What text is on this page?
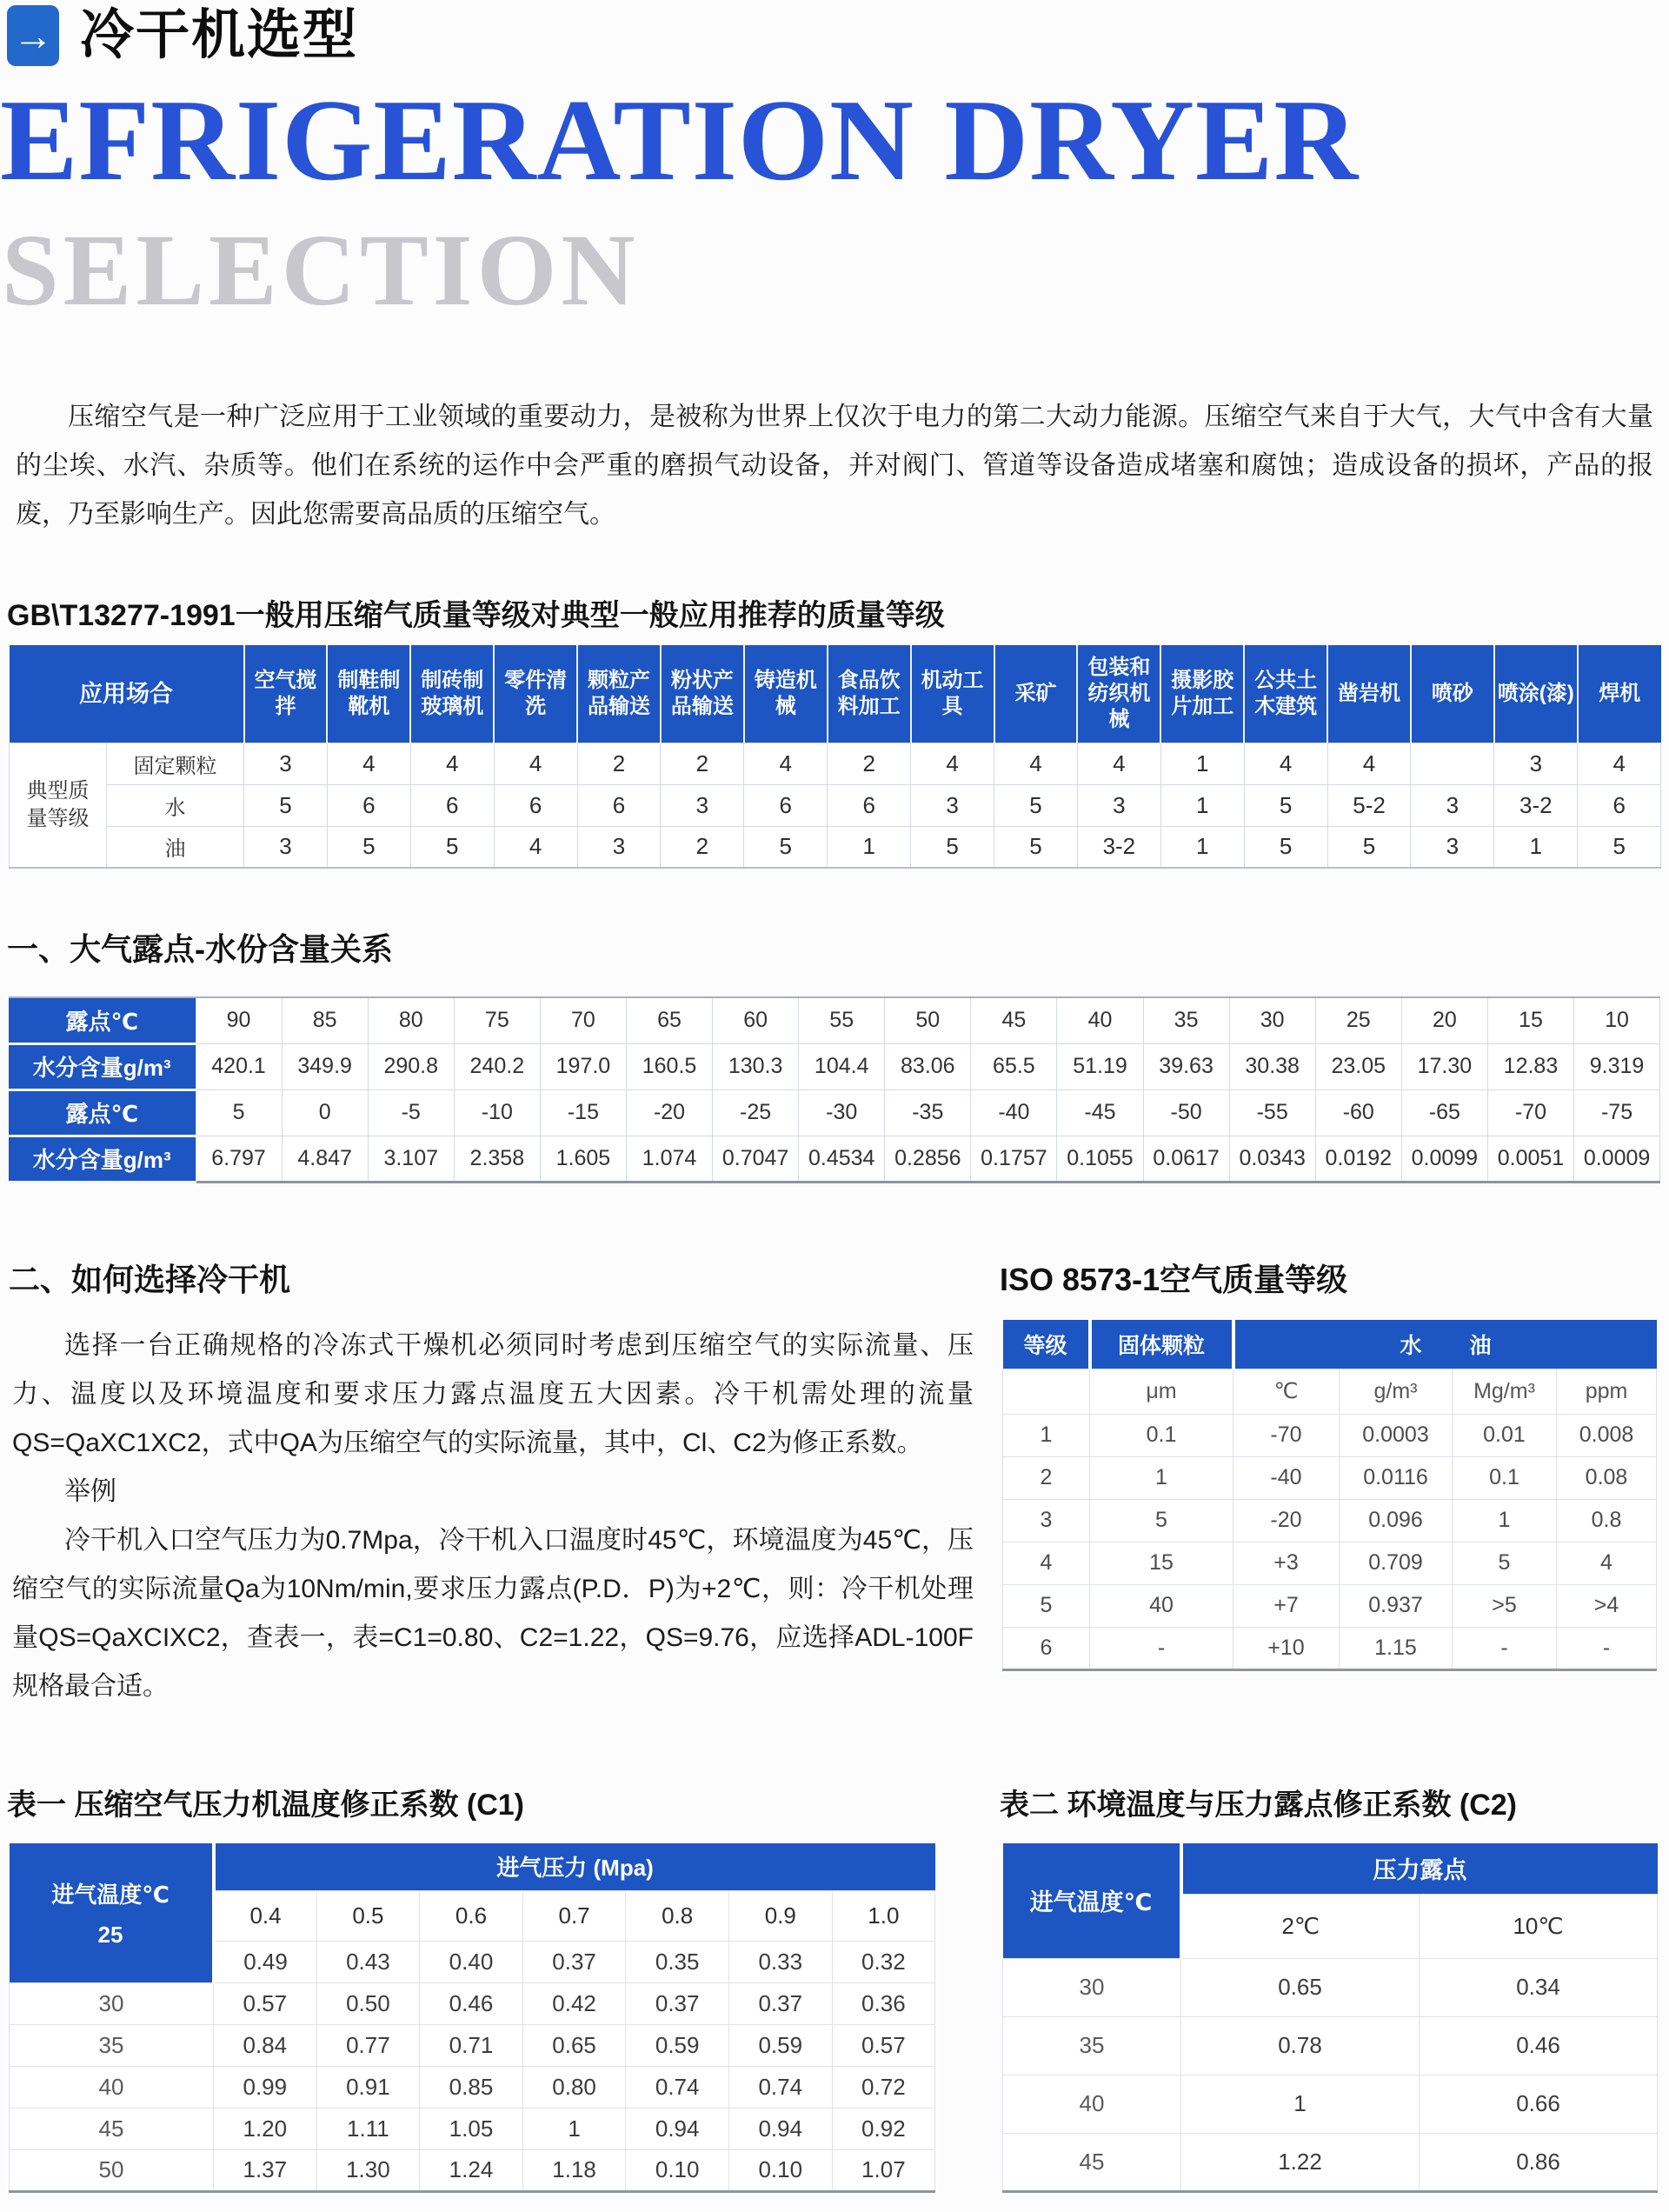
→ 冷干机选型
EFRIGERATION DRYER
SELECTION
压缩空气是一种广泛应用于工业领域的重要动力，是被称为世界上仅次于电力的第二大动力能源。压缩空气来自于大气，大气中含有大量的尘埃、水汽、杂质等。他们在系统的运作中会严重的磨损气动设备，并对阀门、管道等设备造成堵塞和腐蚀；造成设备的损坏，产品的报废，乃至影响生产。因此您需要高品质的压缩空气。
GB\T13277-1991一般用压缩气质量等级对典型一般应用推荐的质量等级
应用场合		空气搅拌	制鞋制靴机	制砖制玻璃机	零件清洗	颗粒产品输送	粉状产品输送	铸造机械	食品饮料加工	机动工具	采矿	包装和纺织机械	摄影胶片加工	公共土木建筑	凿岩机	喷砂	喷涂(漆)	焊机
典型质量等级	固定颗粒	3	4	4	4	2	2	4	2	4	4	4	1	4	4		3	4
	水	5	6	6	6	6	3	6	6	3	5	3	1	5	5-2	3	3-2	6
	油	3	5	5	4	3	2	5	1	5	5	3-2	1	5	5	3	1	5
一、大气露点-水份含量关系
露点℃	90	85	80	75	70	65	60	55	50	45	40	35	30	25	20	15	10
水分含量g/m³	420.1	349.9	290.8	240.2	197.0	160.5	130.3	104.4	83.06	65.5	51.19	39.63	30.38	23.05	17.30	12.83	9.319
露点℃	5	0	-5	-10	-15	-20	-25	-30	-35	-40	-45	-50	-55	-60	-65	-70	-75
水分含量g/m³	6.797	4.847	3.107	2.358	1.605	1.074	0.7047	0.4534	0.2856	0.1757	0.1055	0.0617	0.0343	0.0192	0.0099	0.0051	0.0009
二、如何选择冷干机

选择一台正确规格的冷冻式干燥机必须同时考虑到压缩空气的实际流量、压力、温度以及环境温度和要求压力露点温度五大因素。冷干机需处理的流量QS=QaXC1XC2，式中QA为压缩空气的实际流量，其中，Cl、C2为修正系数。

举例

冷干机入口空气压力为0.7Mpa，冷干机入口温度时45℃，环境温度为45℃，压缩空气的实际流量Qa为10Nm/min,要求压力露点(P.D．P)为+2℃，则：冷干机处理量QS=QaXCIXC2，查表一，表=C1=0.80、C2=1.22，QS=9.76，应选择ADL-100F规格最合适。

ISO 8573-1空气质量等级
等级	固体颗粒	水 油			
	μm	℃	g/m³	Mg/m³	ppm
1	0.1	-70	0.0003	0.01	0.008
2	1	-40	0.0116	0.1	0.08
3	5	-20	0.096	1	0.8
4	15	+3	0.709	5	4
5	40	+7	0.937	>5	>4
6	-	+10	1.15	-	-
表一 压缩空气压力机温度修正系数 (C1)
进气温度℃
25	进气压力 (Mpa)						
	0.4	0.5	0.6	0.7	0.8	0.9	1.0
	0.49	0.43	0.40	0.37	0.35	0.33	0.32
30	0.57	0.50	0.46	0.42	0.37	0.37	0.36
35	0.84	0.77	0.71	0.65	0.59	0.59	0.57
40	0.99	0.91	0.85	0.80	0.74	0.74	0.72
45	1.20	1.11	1.05	1	0.94	0.94	0.92
50	1.37	1.30	1.24	1.18	0.10	0.10	1.07
表二 环境温度与压力露点修正系数 (C2)
进气温度℃	压力露点	
	2℃	10℃
30	0.65	0.34
35	0.78	0.46
40	1	0.66
45	1.22	0.86
